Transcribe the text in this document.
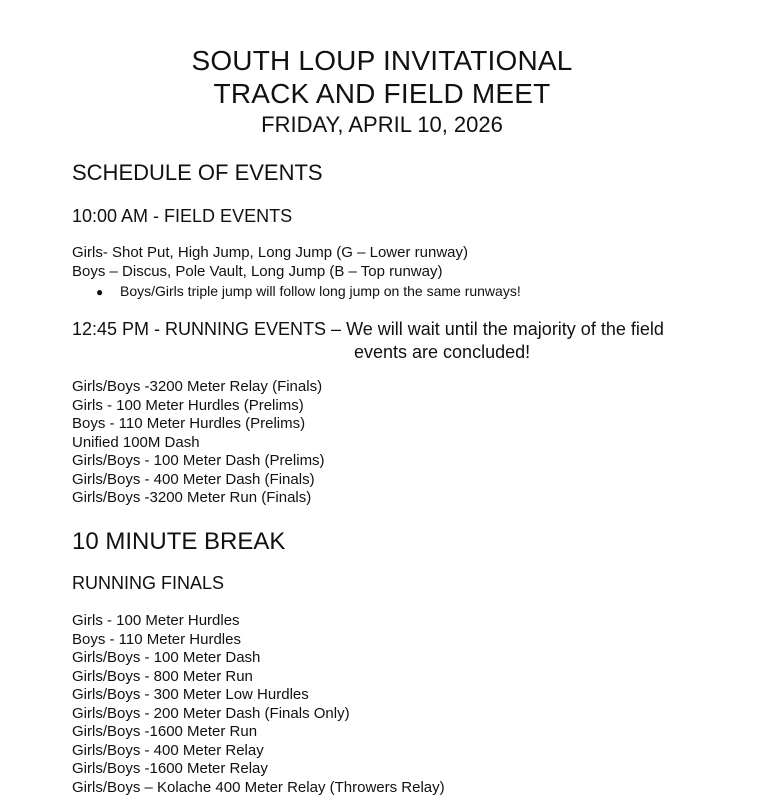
SOUTH LOUP INVITATIONAL
TRACK AND FIELD MEET
FRIDAY, APRIL 10, 2026
SCHEDULE OF EVENTS
10:00 AM - FIELD EVENTS
Girls- Shot Put, High Jump, Long Jump (G – Lower runway)
Boys – Discus, Pole Vault, Long Jump (B – Top runway)
● Boys/Girls triple jump will follow long jump on the same runways!
12:45 PM - RUNNING EVENTS – We will wait until the majority of the field
events are concluded!
Girls/Boys -3200 Meter Relay (Finals)
Girls - 100 Meter Hurdles (Prelims)
Boys - 110 Meter Hurdles (Prelims)
Unified 100M Dash
Girls/Boys - 100 Meter Dash (Prelims)
Girls/Boys - 400 Meter Dash (Finals)
Girls/Boys -3200 Meter Run (Finals)
10 MINUTE BREAK
RUNNING FINALS
Girls - 100 Meter Hurdles
Boys - 110 Meter Hurdles
Girls/Boys - 100 Meter Dash
Girls/Boys - 800 Meter Run
Girls/Boys - 300 Meter Low Hurdles
Girls/Boys - 200 Meter Dash (Finals Only)
Girls/Boys -1600 Meter Run
Girls/Boys - 400 Meter Relay
Girls/Boys -1600 Meter Relay
Girls/Boys – Kolache 400 Meter Relay (Throwers Relay)
